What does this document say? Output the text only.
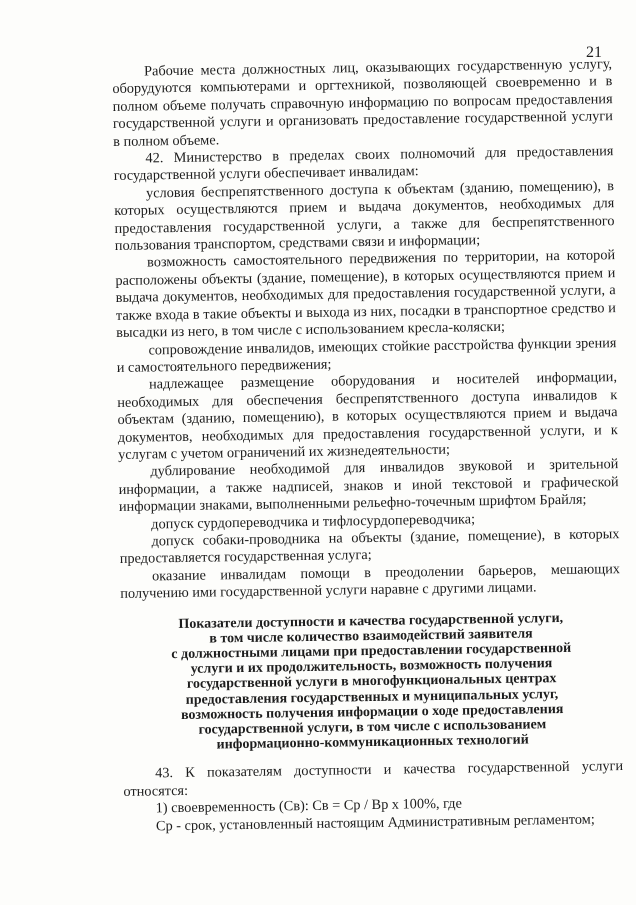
21

Рабочие места должностных лиц, оказывающих государственную услугу, оборудуются компьютерами и оргтехникой, позволяющей своевременно и в полном объеме получать справочную информацию по вопросам предоставления государственной услуги и организовать предоставление государственной услуги в полном объеме.

42. Министерство в пределах своих полномочий для предоставления государственной услуги обеспечивает инвалидам:

условия беспрепятственного доступа к объектам (зданию, помещению), в которых осуществляются прием и выдача документов, необходимых для предоставления государственной услуги, а также для беспрепятственного пользования транспортом, средствами связи и информации;

возможность самостоятельного передвижения по территории, на которой расположены объекты (здание, помещение), в которых осуществляются прием и выдача документов, необходимых для предоставления государственной услуги, а также входа в такие объекты и выхода из них, посадки в транспортное средство и высадки из него, в том числе с использованием кресла-коляски;

сопровождение инвалидов, имеющих стойкие расстройства функции зрения и самостоятельного передвижения;

надлежащее размещение оборудования и носителей информации, необходимых для обеспечения беспрепятственного доступа инвалидов к объектам (зданию, помещению), в которых осуществляются прием и выдача документов, необходимых для предоставления государственной услуги, и к услугам с учетом ограничений их жизнедеятельности;

дублирование необходимой для инвалидов звуковой и зрительной информации, а также надписей, знаков и иной текстовой и графической информации знаками, выполненными рельефно-точечным шрифтом Брайля;

допуск сурдопереводчика и тифлосурдопереводчика;

допуск собаки-проводника на объекты (здание, помещение), в которых предоставляется государственная услуга;

оказание инвалидам помощи в преодолении барьеров, мешающих получению ими государственной услуги наравне с другими лицами.

Показатели доступности и качества государственной услуги,
в том числе количество взаимодействий заявителя
с должностными лицами при предоставлении государственной
услуги и их продолжительность, возможность получения
государственной услуги в многофункциональных центрах
предоставления государственных и муниципальных услуг,
возможность получения информации о ходе предоставления
государственной услуги, в том числе с использованием
информационно-коммуникационных технологий

43. К показателям доступности и качества государственной услуги относятся:

1) своевременность (Св): Св = Ср / Вр х 100%, где

Ср - срок, установленный настоящим Административным регламентом;
